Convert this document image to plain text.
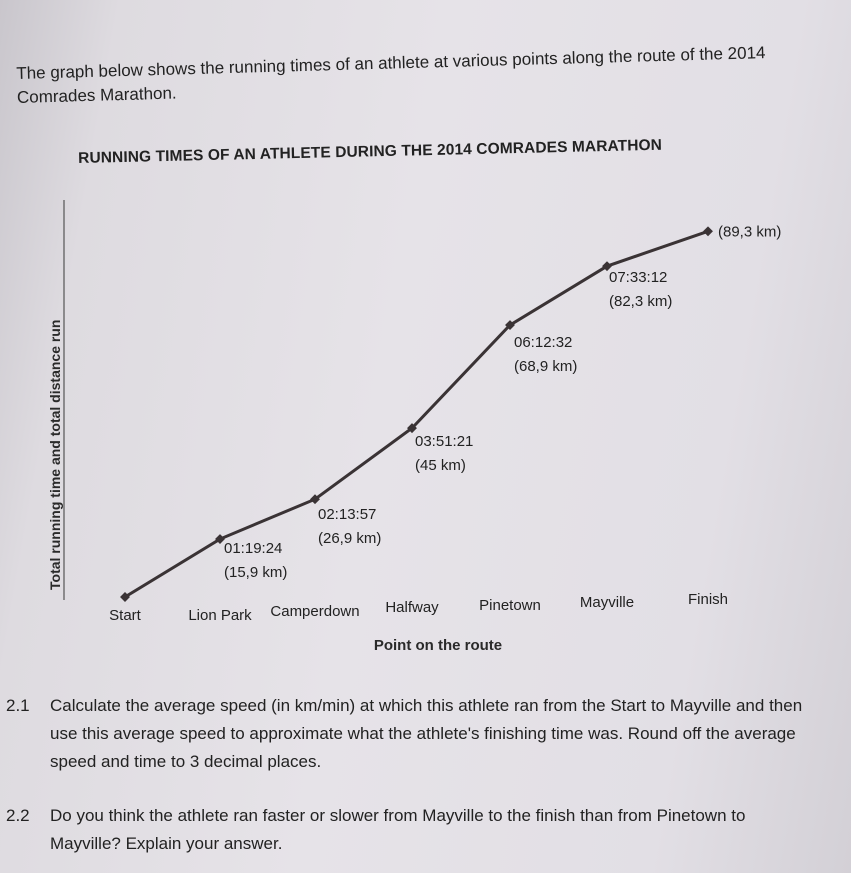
The graph below shows the running times of an athlete at various points along the route of the 2014 Comrades Marathon.
RUNNING TIMES OF AN ATHLETE DURING THE 2014 COMRADES MARATHON
Total running time and total distance run
Point on the route
Start	Lion Park Camperdown Halfway	Pinetown	Mayville	Finish
01:19:24
(15,9 km)
02:13:57
(26,9 km)
03:51:21
(45 km)
06:12:32
(68,9 km)
07:33:12
(82,3 km)
(89,3 km)
2.1 Calculate the average speed (in km/min) at which this athlete ran from the Start to Mayville and then use this average speed to approximate what the athlete's finishing time was. Round off the average speed and time to 3 decimal places.
2.2 Do you think the athlete ran faster or slower from Mayville to the finish than from Pinetown to Mayville? Explain your answer.
